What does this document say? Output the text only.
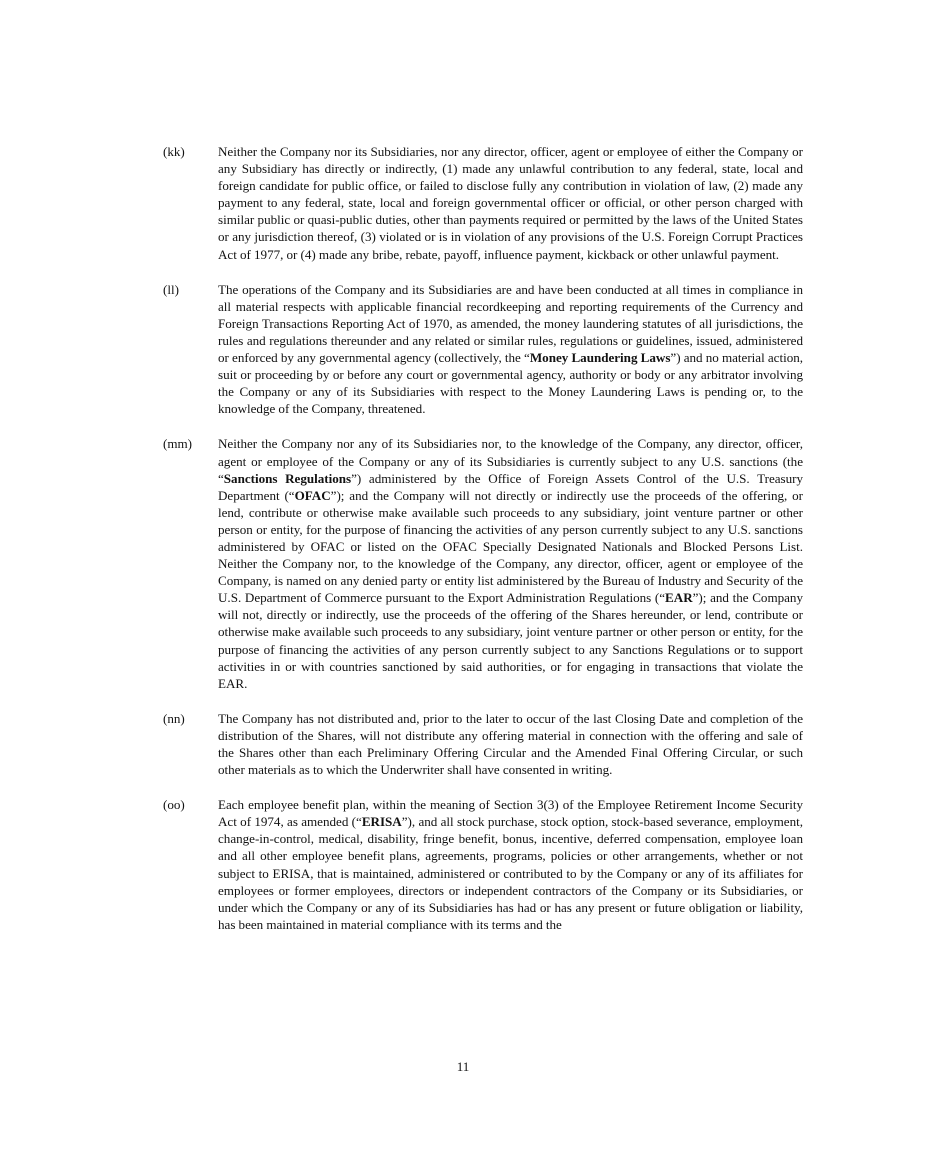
(kk)	Neither the Company nor its Subsidiaries, nor any director, officer, agent or employee of either the Company or any Subsidiary has directly or indirectly, (1) made any unlawful contribution to any federal, state, local and foreign candidate for public office, or failed to disclose fully any contribution in violation of law, (2) made any payment to any federal, state, local and foreign governmental officer or official, or other person charged with similar public or quasi-public duties, other than payments required or permitted by the laws of the United States or any jurisdiction thereof, (3) violated or is in violation of any provisions of the U.S. Foreign Corrupt Practices Act of 1977, or (4) made any bribe, rebate, payoff, influence payment, kickback or other unlawful payment.
(ll)	The operations of the Company and its Subsidiaries are and have been conducted at all times in compliance in all material respects with applicable financial recordkeeping and reporting requirements of the Currency and Foreign Transactions Reporting Act of 1970, as amended, the money laundering statutes of all jurisdictions, the rules and regulations thereunder and any related or similar rules, regulations or guidelines, issued, administered or enforced by any governmental agency (collectively, the “Money Laundering Laws”) and no material action, suit or proceeding by or before any court or governmental agency, authority or body or any arbitrator involving the Company or any of its Subsidiaries with respect to the Money Laundering Laws is pending or, to the knowledge of the Company, threatened.
(mm)	Neither the Company nor any of its Subsidiaries nor, to the knowledge of the Company, any director, officer, agent or employee of the Company or any of its Subsidiaries is currently subject to any U.S. sanctions (the “Sanctions Regulations”) administered by the Office of Foreign Assets Control of the U.S. Treasury Department (“OFAC”); and the Company will not directly or indirectly use the proceeds of the offering, or lend, contribute or otherwise make available such proceeds to any subsidiary, joint venture partner or other person or entity, for the purpose of financing the activities of any person currently subject to any U.S. sanctions administered by OFAC or listed on the OFAC Specially Designated Nationals and Blocked Persons List. Neither the Company nor, to the knowledge of the Company, any director, officer, agent or employee of the Company, is named on any denied party or entity list administered by the Bureau of Industry and Security of the U.S. Department of Commerce pursuant to the Export Administration Regulations (“EAR”); and the Company will not, directly or indirectly, use the proceeds of the offering of the Shares hereunder, or lend, contribute or otherwise make available such proceeds to any subsidiary, joint venture partner or other person or entity, for the purpose of financing the activities of any person currently subject to any Sanctions Regulations or to support activities in or with countries sanctioned by said authorities, or for engaging in transactions that violate the EAR.
(nn)	The Company has not distributed and, prior to the later to occur of the last Closing Date and completion of the distribution of the Shares, will not distribute any offering material in connection with the offering and sale of the Shares other than each Preliminary Offering Circular and the Amended Final Offering Circular, or such other materials as to which the Underwriter shall have consented in writing.
(oo)	Each employee benefit plan, within the meaning of Section 3(3) of the Employee Retirement Income Security Act of 1974, as amended (“ERISA”), and all stock purchase, stock option, stock-based severance, employment, change-in-control, medical, disability, fringe benefit, bonus, incentive, deferred compensation, employee loan and all other employee benefit plans, agreements, programs, policies or other arrangements, whether or not subject to ERISA, that is maintained, administered or contributed to by the Company or any of its affiliates for employees or former employees, directors or independent contractors of the Company or its Subsidiaries, or under which the Company or any of its Subsidiaries has had or has any present or future obligation or liability, has been maintained in material compliance with its terms and the
11
